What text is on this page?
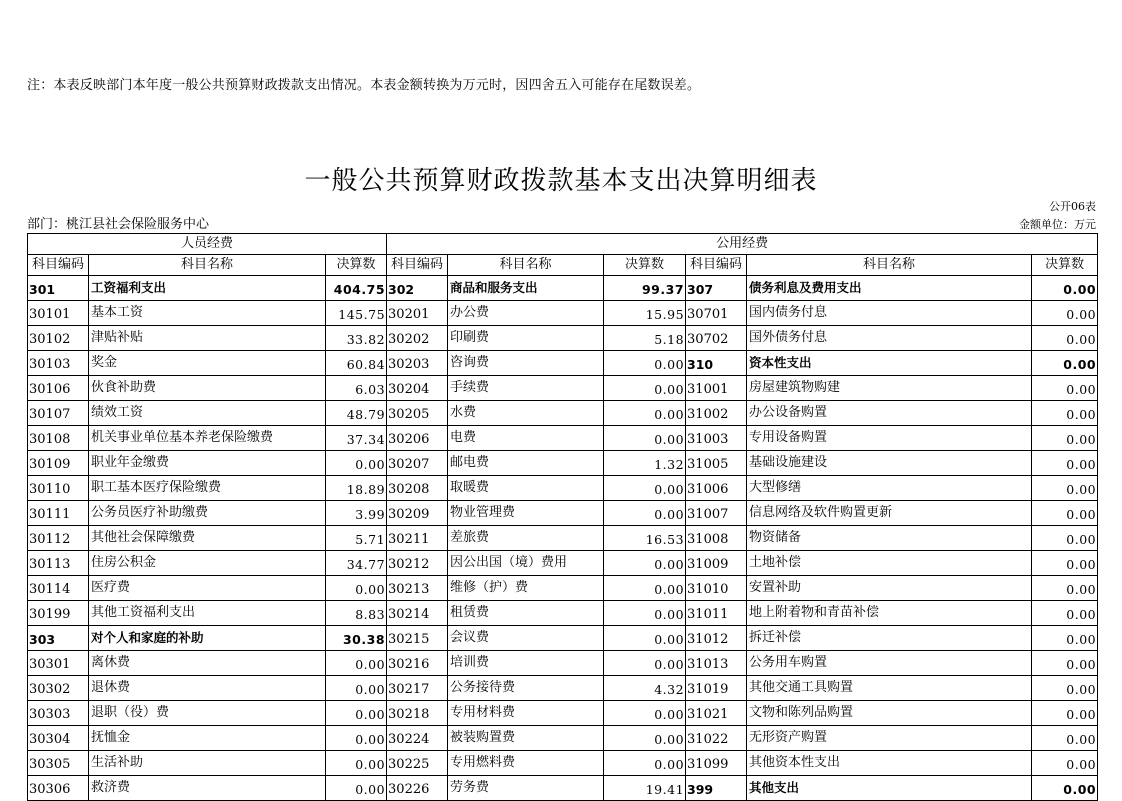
注：本表反映部门本年度一般公共预算财政拨款支出情况。本表金额转换为万元时，因四舍五入可能存在尾数误差。
一般公共预算财政拨款基本支出决算明细表
公开06表
部门：桃江县社会保险服务中心	金额单位：万元
人员经费			公用经费					
科目编码	科目名称	决算数	科目编码	科目名称	决算数	科目编码	科目名称	决算数
301	工资福利支出	404.75	302	商品和服务支出	99.37	307	债务利息及费用支出	0.00
30101	基本工资	145.75	30201	办公费	15.95	30701	国内债务付息	0.00
30102	津贴补贴	33.82	30202	印刷费	5.18	30702	国外债务付息	0.00
30103	奖金	60.84	30203	咨询费	0.00	310	资本性支出	0.00
30106	伙食补助费	6.03	30204	手续费	0.00	31001	房屋建筑物购建	0.00
30107	绩效工资	48.79	30205	水费	0.00	31002	办公设备购置	0.00
30108	机关事业单位基本养老保险缴费	37.34	30206	电费	0.00	31003	专用设备购置	0.00
30109	职业年金缴费	0.00	30207	邮电费	1.32	31005	基础设施建设	0.00
30110	职工基本医疗保险缴费	18.89	30208	取暖费	0.00	31006	大型修缮	0.00
30111	公务员医疗补助缴费	3.99	30209	物业管理费	0.00	31007	信息网络及软件购置更新	0.00
30112	其他社会保障缴费	5.71	30211	差旅费	16.53	31008	物资储备	0.00
30113	住房公积金	34.77	30212	因公出国（境）费用	0.00	31009	土地补偿	0.00
30114	医疗费	0.00	30213	维修（护）费	0.00	31010	安置补助	0.00
30199	其他工资福利支出	8.83	30214	租赁费	0.00	31011	地上附着物和青苗补偿	0.00
303	对个人和家庭的补助	30.38	30215	会议费	0.00	31012	拆迁补偿	0.00
30301	离休费	0.00	30216	培训费	0.00	31013	公务用车购置	0.00
30302	退休费	0.00	30217	公务接待费	4.32	31019	其他交通工具购置	0.00
30303	退职（役）费	0.00	30218	专用材料费	0.00	31021	文物和陈列品购置	0.00
30304	抚恤金	0.00	30224	被装购置费	0.00	31022	无形资产购置	0.00
30305	生活补助	0.00	30225	专用燃料费	0.00	31099	其他资本性支出	0.00
30306	救济费	0.00	30226	劳务费	19.41	399	其他支出	0.00
